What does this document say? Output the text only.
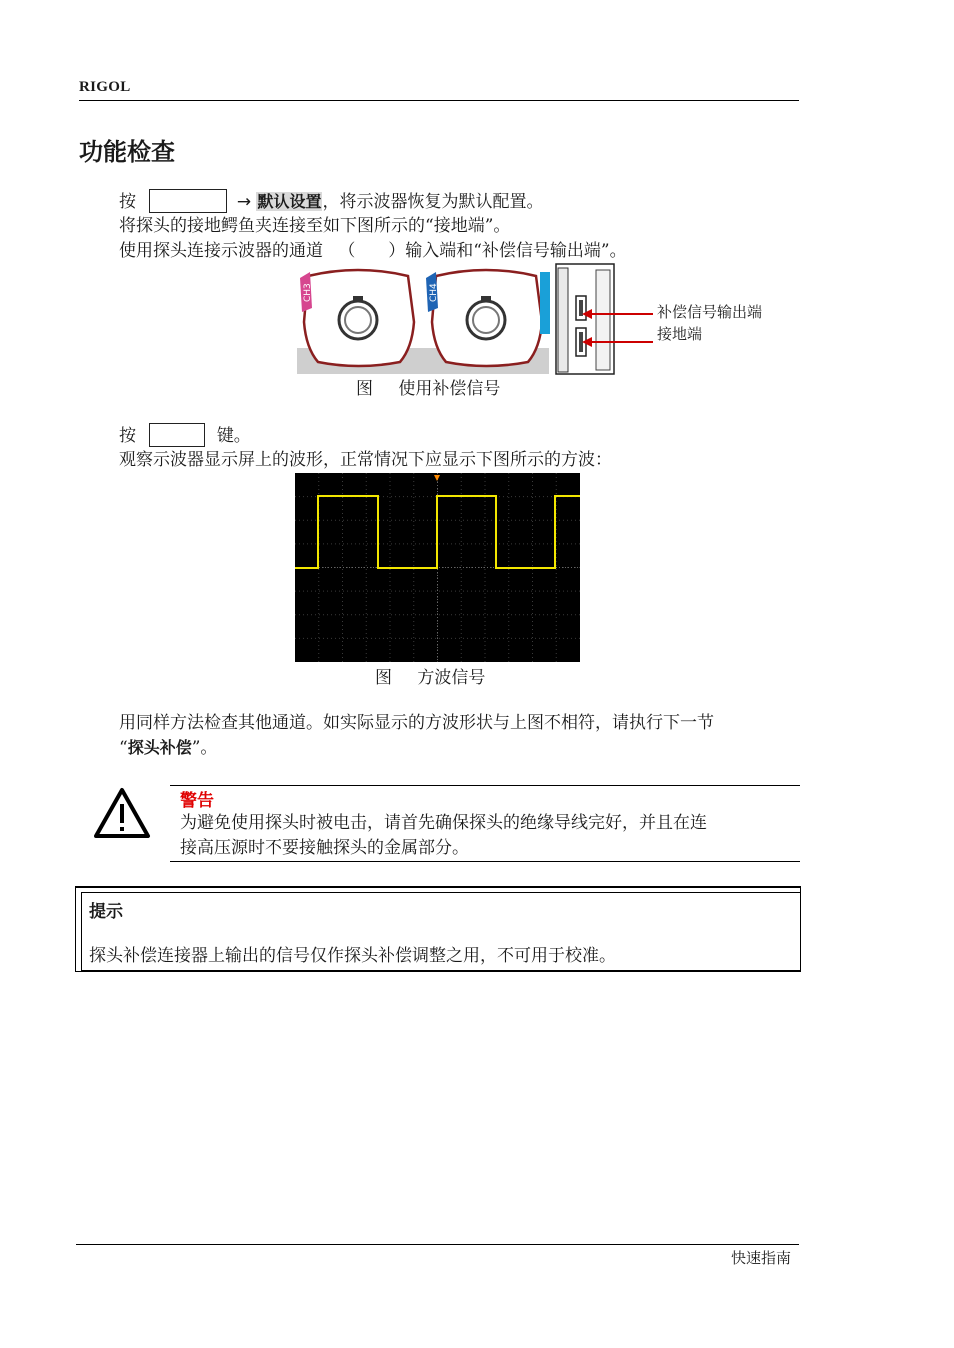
RIGOL
功能检查
按	→ 默认设置，将示波器恢复为默认配置。
将探头的接地鳄鱼夹连接至如下图所示的“接地端”。
使用探头连接示波器的通道 （ ）输入端和“补偿信号输出端”。
CH3	CH4
补偿信号输出端
接地端
图 使用补偿信号
按	键。
观察示波器显示屏上的波形，正常情况下应显示下图所示的方波：
图 方波信号
用同样方法检查其他通道。如实际显示的方波形状与上图不相符，请执行下一节
“探头补偿”。
警告
为避免使用探头时被电击，请首先确保探头的绝缘导线完好，并且在连
接高压源时不要接触探头的金属部分。
提示
探头补偿连接器上输出的信号仅作探头补偿调整之用，不可用于校准。
快速指南
